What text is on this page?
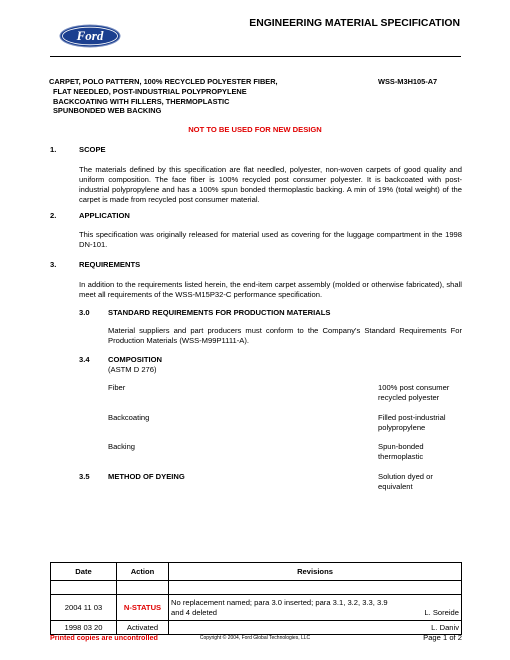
Ford
ENGINEERING MATERIAL SPECIFICATION
CARPET, POLO PATTERN, 100% RECYCLED POLYESTER FIBER,
FLAT NEEDLED, POST-INDUSTRIAL POLYPROPYLENE
BACKCOATING WITH FILLERS, THERMOPLASTIC
SPUNBONDED WEB BACKING
WSS-M3H105-A7
NOT TO BE USED FOR NEW DESIGN
1.	SCOPE
The materials defined by this specification are flat needled, polyester, non-woven carpets of good quality and uniform composition. The face fiber is 100% recycled post consumer polyester. It is backcoated with post-industrial polypropylene and has a 100% spun bonded thermoplastic backing. A min of 19% (total weight) of the carpet is made from recycled post consumer material.
2.	APPLICATION
This specification was originally released for material used as covering for the luggage compartment in the 1998 DN-101.
3.	REQUIREMENTS
In addition to the requirements listed herein, the end-item carpet assembly (molded or otherwise fabricated), shall meet all requirements of the WSS-M15P32-C performance specification.
3.0 STANDARD REQUIREMENTS FOR PRODUCTION MATERIALS
Material suppliers and part producers must conform to the Company's Standard Requirements For Production Materials (WSS-M99P1111-A).
3.4 COMPOSITION
(ASTM D 276)
Fiber	100% post consumer
recycled polyester
Backcoating	Filled post-industrial
polypropylene
Backing	Spun-bonded
thermoplastic
3.5 METHOD OF DYEING	Solution dyed or
equivalent
Date	Action	Revisions

2004 11 03	N-STATUS	No replacement named; para 3.0 inserted; para 3.1, 3.2, 3.3, 3.9 and 4 deleted L. Soreide

1998 03 20	Activated	L. Daniv
Printed copies are uncontrolled	Copyright © 2004, Ford Global Technologies, LLC	Page 1 of 2
